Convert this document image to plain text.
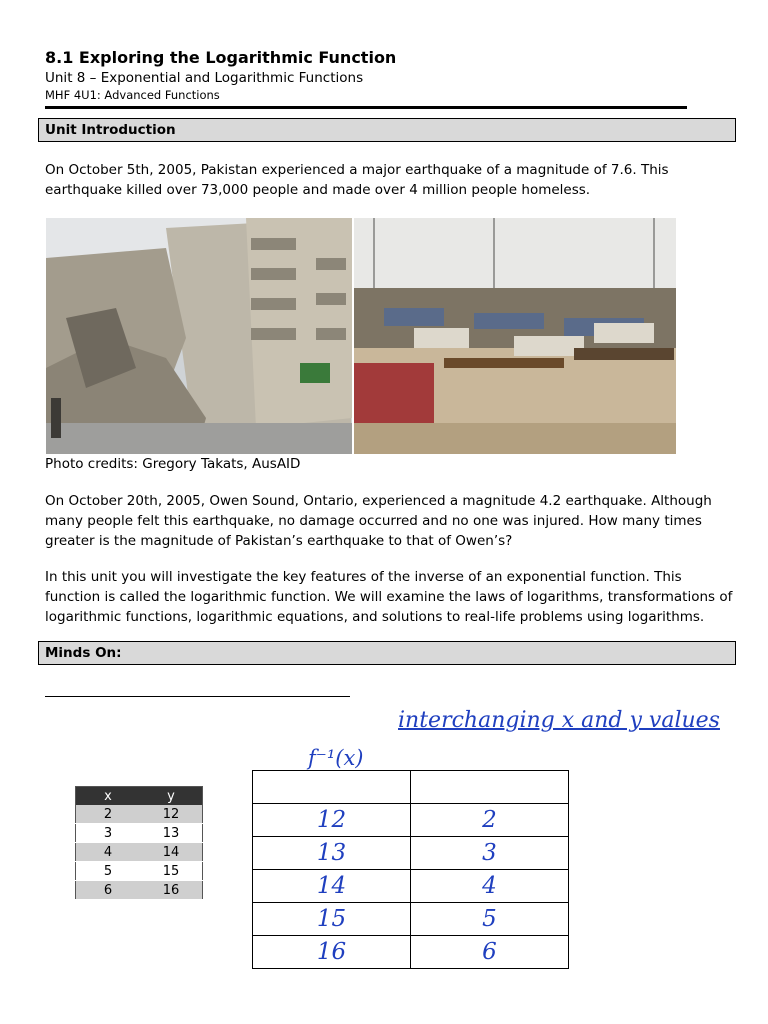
8.1 Exploring the Logarithmic Function
Unit 8 – Exponential and Logarithmic Functions
MHF 4U1: Advanced Functions
Unit Introduction
On October 5th, 2005, Pakistan experienced a major earthquake of a magnitude of 7.6. This earthquake killed over 73,000 people and made over 4 million people homeless.
Photo credits: Gregory Takats, AusAID
On October 20th, 2005, Owen Sound, Ontario, experienced a magnitude 4.2 earthquake. Although many people felt this earthquake, no damage occurred and no one was injured. How many times greater is the magnitude of Pakistan’s earthquake to that of Owen’s?
In this unit you will investigate the key features of the inverse of an exponential function. This function is called the logarithmic function. We will examine the laws of logarithms, transformations of logarithmic functions, logarithmic equations, and solutions to real-life problems using logarithms.
Minds On:
interchanging x and y values
f⁻¹(x)
x	y
2	12
3	13
4	14
5	15
6	16

12	2
13	3
14	4
15	5
16	6
